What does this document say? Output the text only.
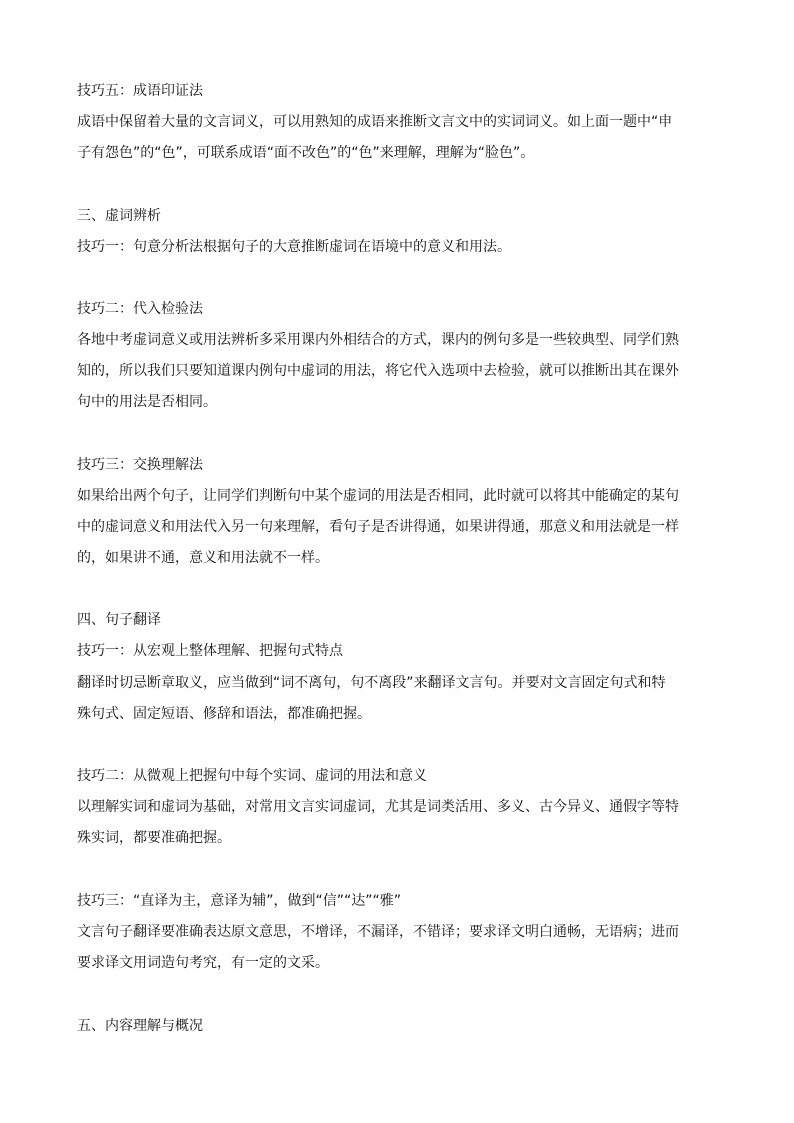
技巧五：成语印证法
成语中保留着大量的文言词义，可以用熟知的成语来推断文言文中的实词词义。如上面一题中“申
子有怨色”的“色”，可联系成语“面不改色”的“色”来理解，理解为“脸色”。
三、虚词辨析
技巧一：句意分析法根据句子的大意推断虚词在语境中的意义和用法。
技巧二：代入检验法
各地中考虚词意义或用法辨析多采用课内外相结合的方式，课内的例句多是一些较典型、同学们熟
知的，所以我们只要知道课内例句中虚词的用法，将它代入选项中去检验，就可以推断出其在课外
句中的用法是否相同。
技巧三：交换理解法
如果给出两个句子，让同学们判断句中某个虚词的用法是否相同，此时就可以将其中能确定的某句
中的虚词意义和用法代入另一句来理解，看句子是否讲得通，如果讲得通，那意义和用法就是一样
的，如果讲不通，意义和用法就不一样。
四、句子翻译
技巧一：从宏观上整体理解、把握句式特点
翻译时切忌断章取义，应当做到“词不离句，句不离段”来翻译文言句。并要对文言固定句式和特
殊句式、固定短语、修辞和语法，都准确把握。
技巧二：从微观上把握句中每个实词、虚词的用法和意义
以理解实词和虚词为基础，对常用文言实词虚词，尤其是词类活用、多义、古今异义、通假字等特
殊实词，都要准确把握。
技巧三：“直译为主，意译为辅”，做到“信”“达”“雅”
文言句子翻译要准确表达原文意思，不增译，不漏译，不错译；要求译文明白通畅，无语病；进而
要求译文用词造句考究，有一定的文采。
五、内容理解与概况
